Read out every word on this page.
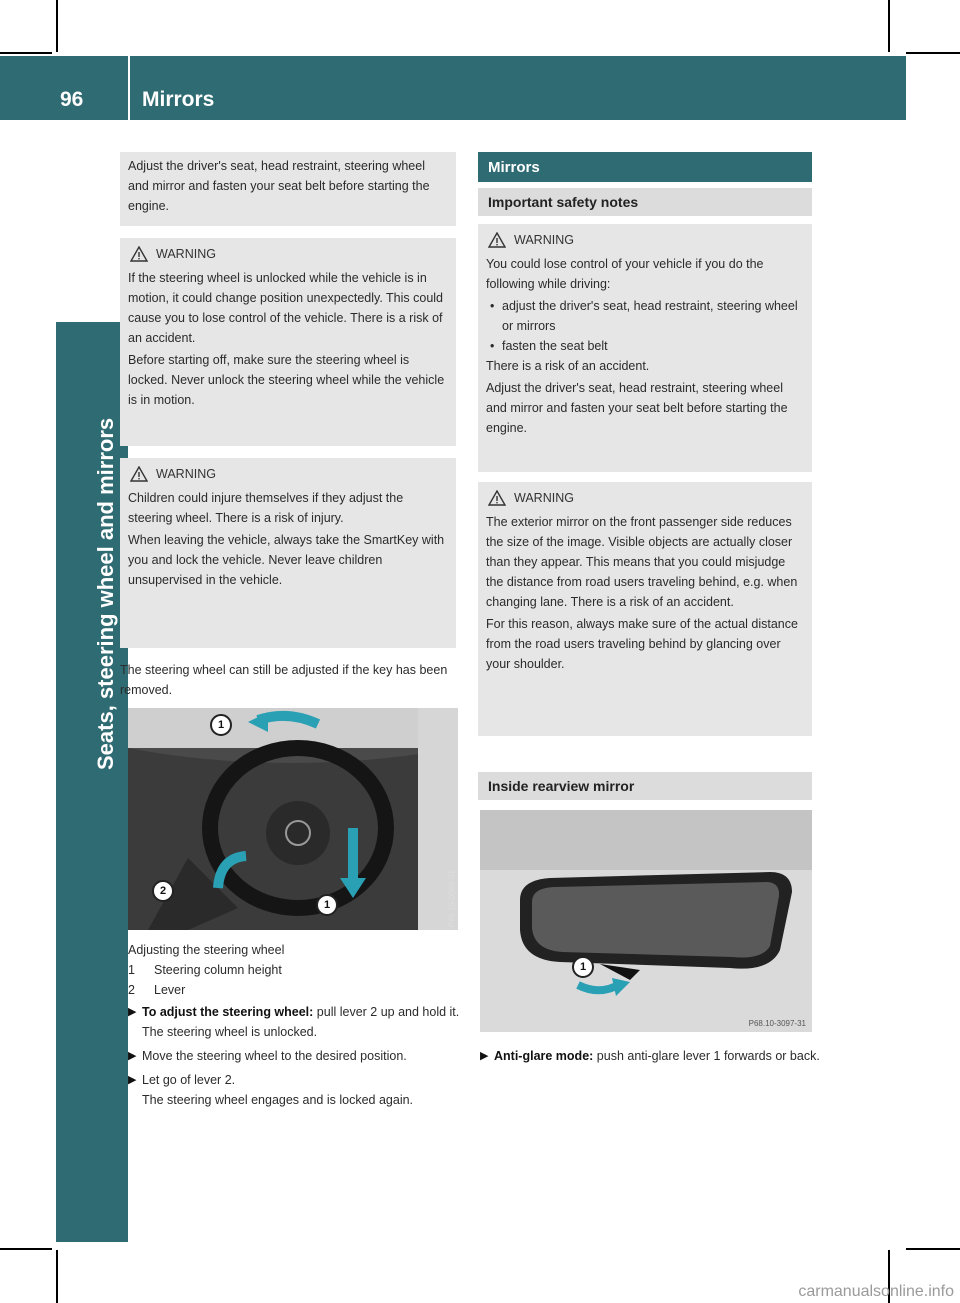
96	Mirrors
Seats, steering wheel and mirrors
Adjust the driver's seat, head restraint, steering wheel and mirror and fasten your seat belt before starting the engine.
WARNING
If the steering wheel is unlocked while the vehicle is in motion, it could change position unexpectedly. This could cause you to lose control of the vehicle. There is a risk of an accident.
Before starting off, make sure the steering wheel is locked. Never unlock the steering wheel while the vehicle is in motion.
WARNING
Children could injure themselves if they adjust the steering wheel. There is a risk of injury.
When leaving the vehicle, always take the SmartKey with you and lock the vehicle. Never leave children unsupervised in the vehicle.
The steering wheel can still be adjusted if the key has been removed.
1
2
1	P46.15-0068-31
Adjusting the steering wheel
1	Steering column height
2	Lever
▶ To adjust the steering wheel: pull lever 2 up and hold it.
The steering wheel is unlocked.
▶ Move the steering wheel to the desired position.
▶ Let go of lever 2.
The steering wheel engages and is locked again.
Mirrors
Important safety notes
WARNING
You could lose control of your vehicle if you do the following while driving:
• adjust the driver's seat, head restraint, steering wheel or mirrors
• fasten the seat belt
There is a risk of an accident.
Adjust the driver's seat, head restraint, steering wheel and mirror and fasten your seat belt before starting the engine.
WARNING
The exterior mirror on the front passenger side reduces the size of the image. Visible objects are actually closer than they appear. This means that you could misjudge the distance from road users traveling behind, e.g. when changing lane. There is a risk of an accident.
For this reason, always make sure of the actual distance from the road users traveling behind by glancing over your shoulder.
Inside rearview mirror
1
P68.10-3097-31
▶ Anti-glare mode: push anti-glare lever 1 forwards or back.
carmanualsonline.info
